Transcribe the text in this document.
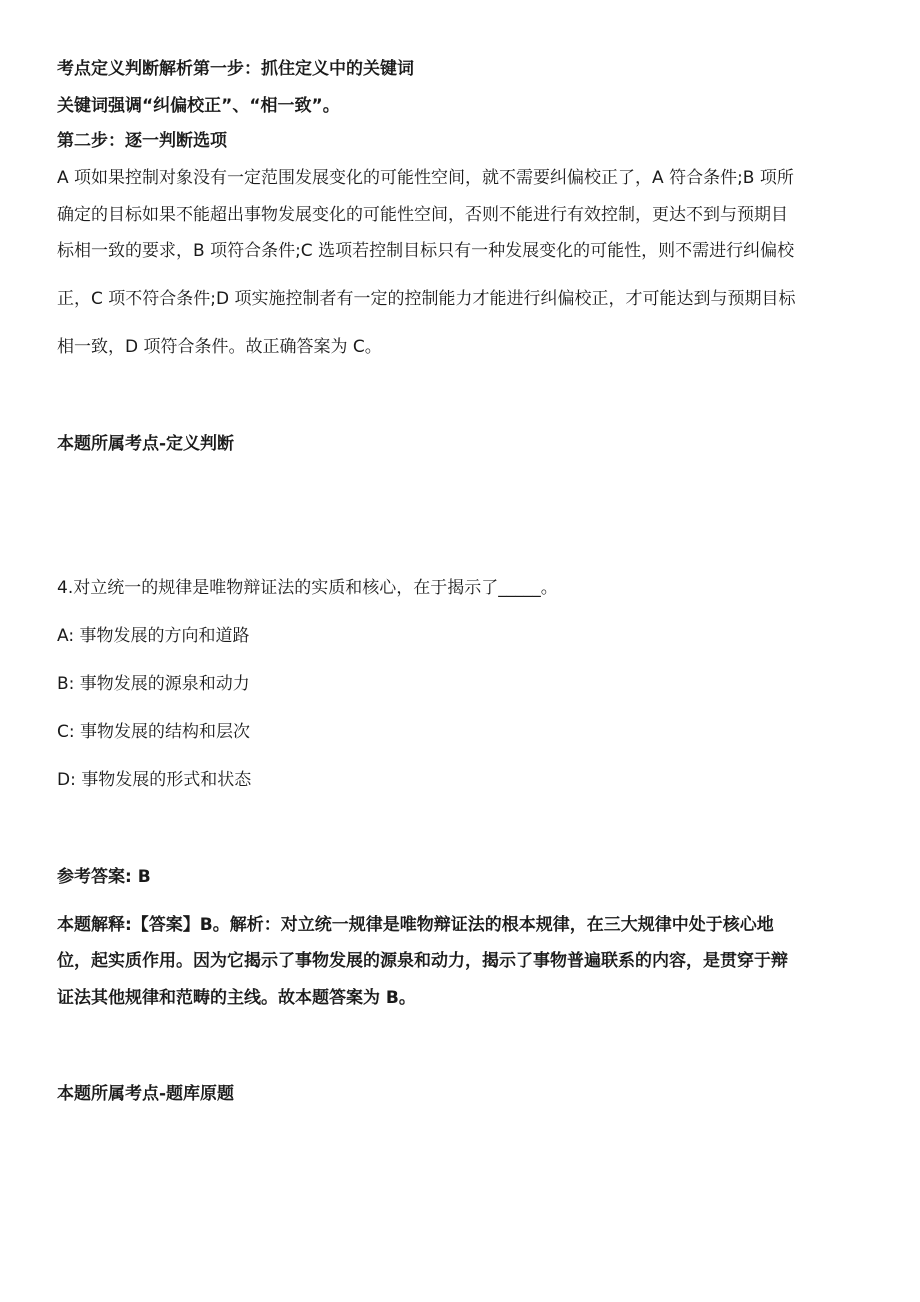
考点定义判断解析第一步：抓住定义中的关键词
关键词强调“纠偏校正”、“相一致”。
第二步：逐一判断选项
A 项如果控制对象没有一定范围发展变化的可能性空间，就不需要纠偏校正了，A 符合条件;B 项所
确定的目标如果不能超出事物发展变化的可能性空间，否则不能进行有效控制，更达不到与预期目
标相一致的要求，B 项符合条件;C 选项若控制目标只有一种发展变化的可能性，则不需进行纠偏校
正，C 项不符合条件;D 项实施控制者有一定的控制能力才能进行纠偏校正，才可能达到与预期目标
相一致，D 项符合条件。故正确答案为 C。
本题所属考点-定义判断
4.对立统一的规律是唯物辩证法的实质和核心，在于揭示了_____。
A: 事物发展的方向和道路
B: 事物发展的源泉和动力
C: 事物发展的结构和层次
D: 事物发展的形式和状态
参考答案: B
本题解释:【答案】B。解析：对立统一规律是唯物辩证法的根本规律，在三大规律中处于核心地
位，起实质作用。因为它揭示了事物发展的源泉和动力，揭示了事物普遍联系的内容，是贯穿于辩
证法其他规律和范畴的主线。故本题答案为 B。
本题所属考点-题库原题
